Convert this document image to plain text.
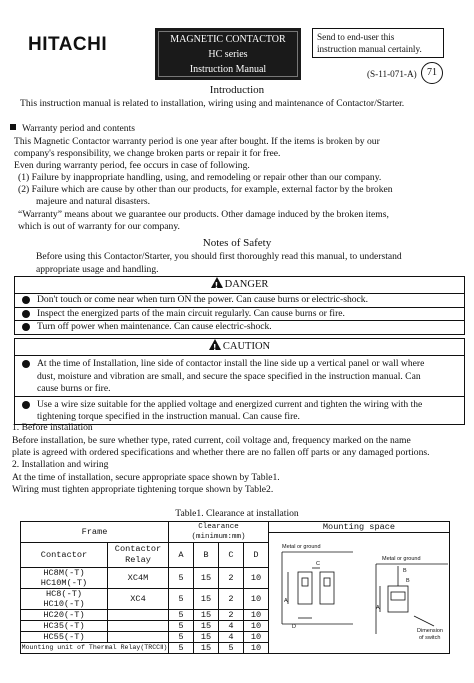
HITACHI	MAGNETIC CONTACTOR
HC series
Instruction Manual
Send to end-user this
instruction manual certainly.
(S-11-071-A)	71
Introduction
This instruction manual is related to installation, wiring using and maintenance of Contactor/Starter.
Warranty period and contents
This Magnetic Contactor warranty period is one year after bought. If the items is broken by our
company's responsibility, we change broken parts or repair it for free.
Even during warranty period, fee occurs in case of following.
(1) Failure by inappropriate handling, using, and remodeling or repair other than our company.
(2) Failure which are cause by other than our products, for example, external factor by the broken
majeure and natural disasters.
“Warranty” means about we guarantee our products. Other damage induced by the broken items,
which is out of warranty for our company.
Notes of Safety
Before using this Contactor/Starter, you should first thoroughly read this manual, to understand
appropriate usage and handling.
!DANGER
Don't touch or come near when turn ON the power. Can cause burns or electric-shock.
Inspect the energized parts of the main circuit regularly. Can cause burns or fire.
Turn off power when maintenance. Can cause electric-shock.
!CAUTION
At the time of Installation, line side of contactor install the line side up a vertical panel or wall where
dust, moisture and vibration are small, and secure the space specified in the instruction manual. Can
cause burns or fire.
Use a wire size suitable for the applied voltage and energized current and tighten the wiring with the
tightening torque specified in the instruction manual. Can cause fire.
1. Before installation
Before installation, be sure whether type, rated current, coil voltage and, frequency marked on the name
plate is agreed with ordered specifications and whether there are no fallen off parts or any damaged portions.
2. Installation and wiring
At the time of installation, secure appropriate space shown by Table1.
Wiring must tighten appropriate tightening torque shown by Table2.
Table1. Clearance at installation
Frame		Clearance (minimum:mm)				Mounting space

Contactor	Contactor Relay	A	B	C	D	
HC8M(-T)	XC4M	5	15	2	10	
HC10M(-T)						
HC8(-T)	XC4	5	15	2	10	
HC10(-T)						
HC20(-T)		5	15	2	10	
HC35(-T)		5	15	4	10	
HC55(-T)		5	15	4	10	
Mounting unit of Thermal Relay(TRCCⅡ)		5	15	5	10	
Metal or ground
Metal or ground
Dimension
of switch
A
A
C
B
B
D
